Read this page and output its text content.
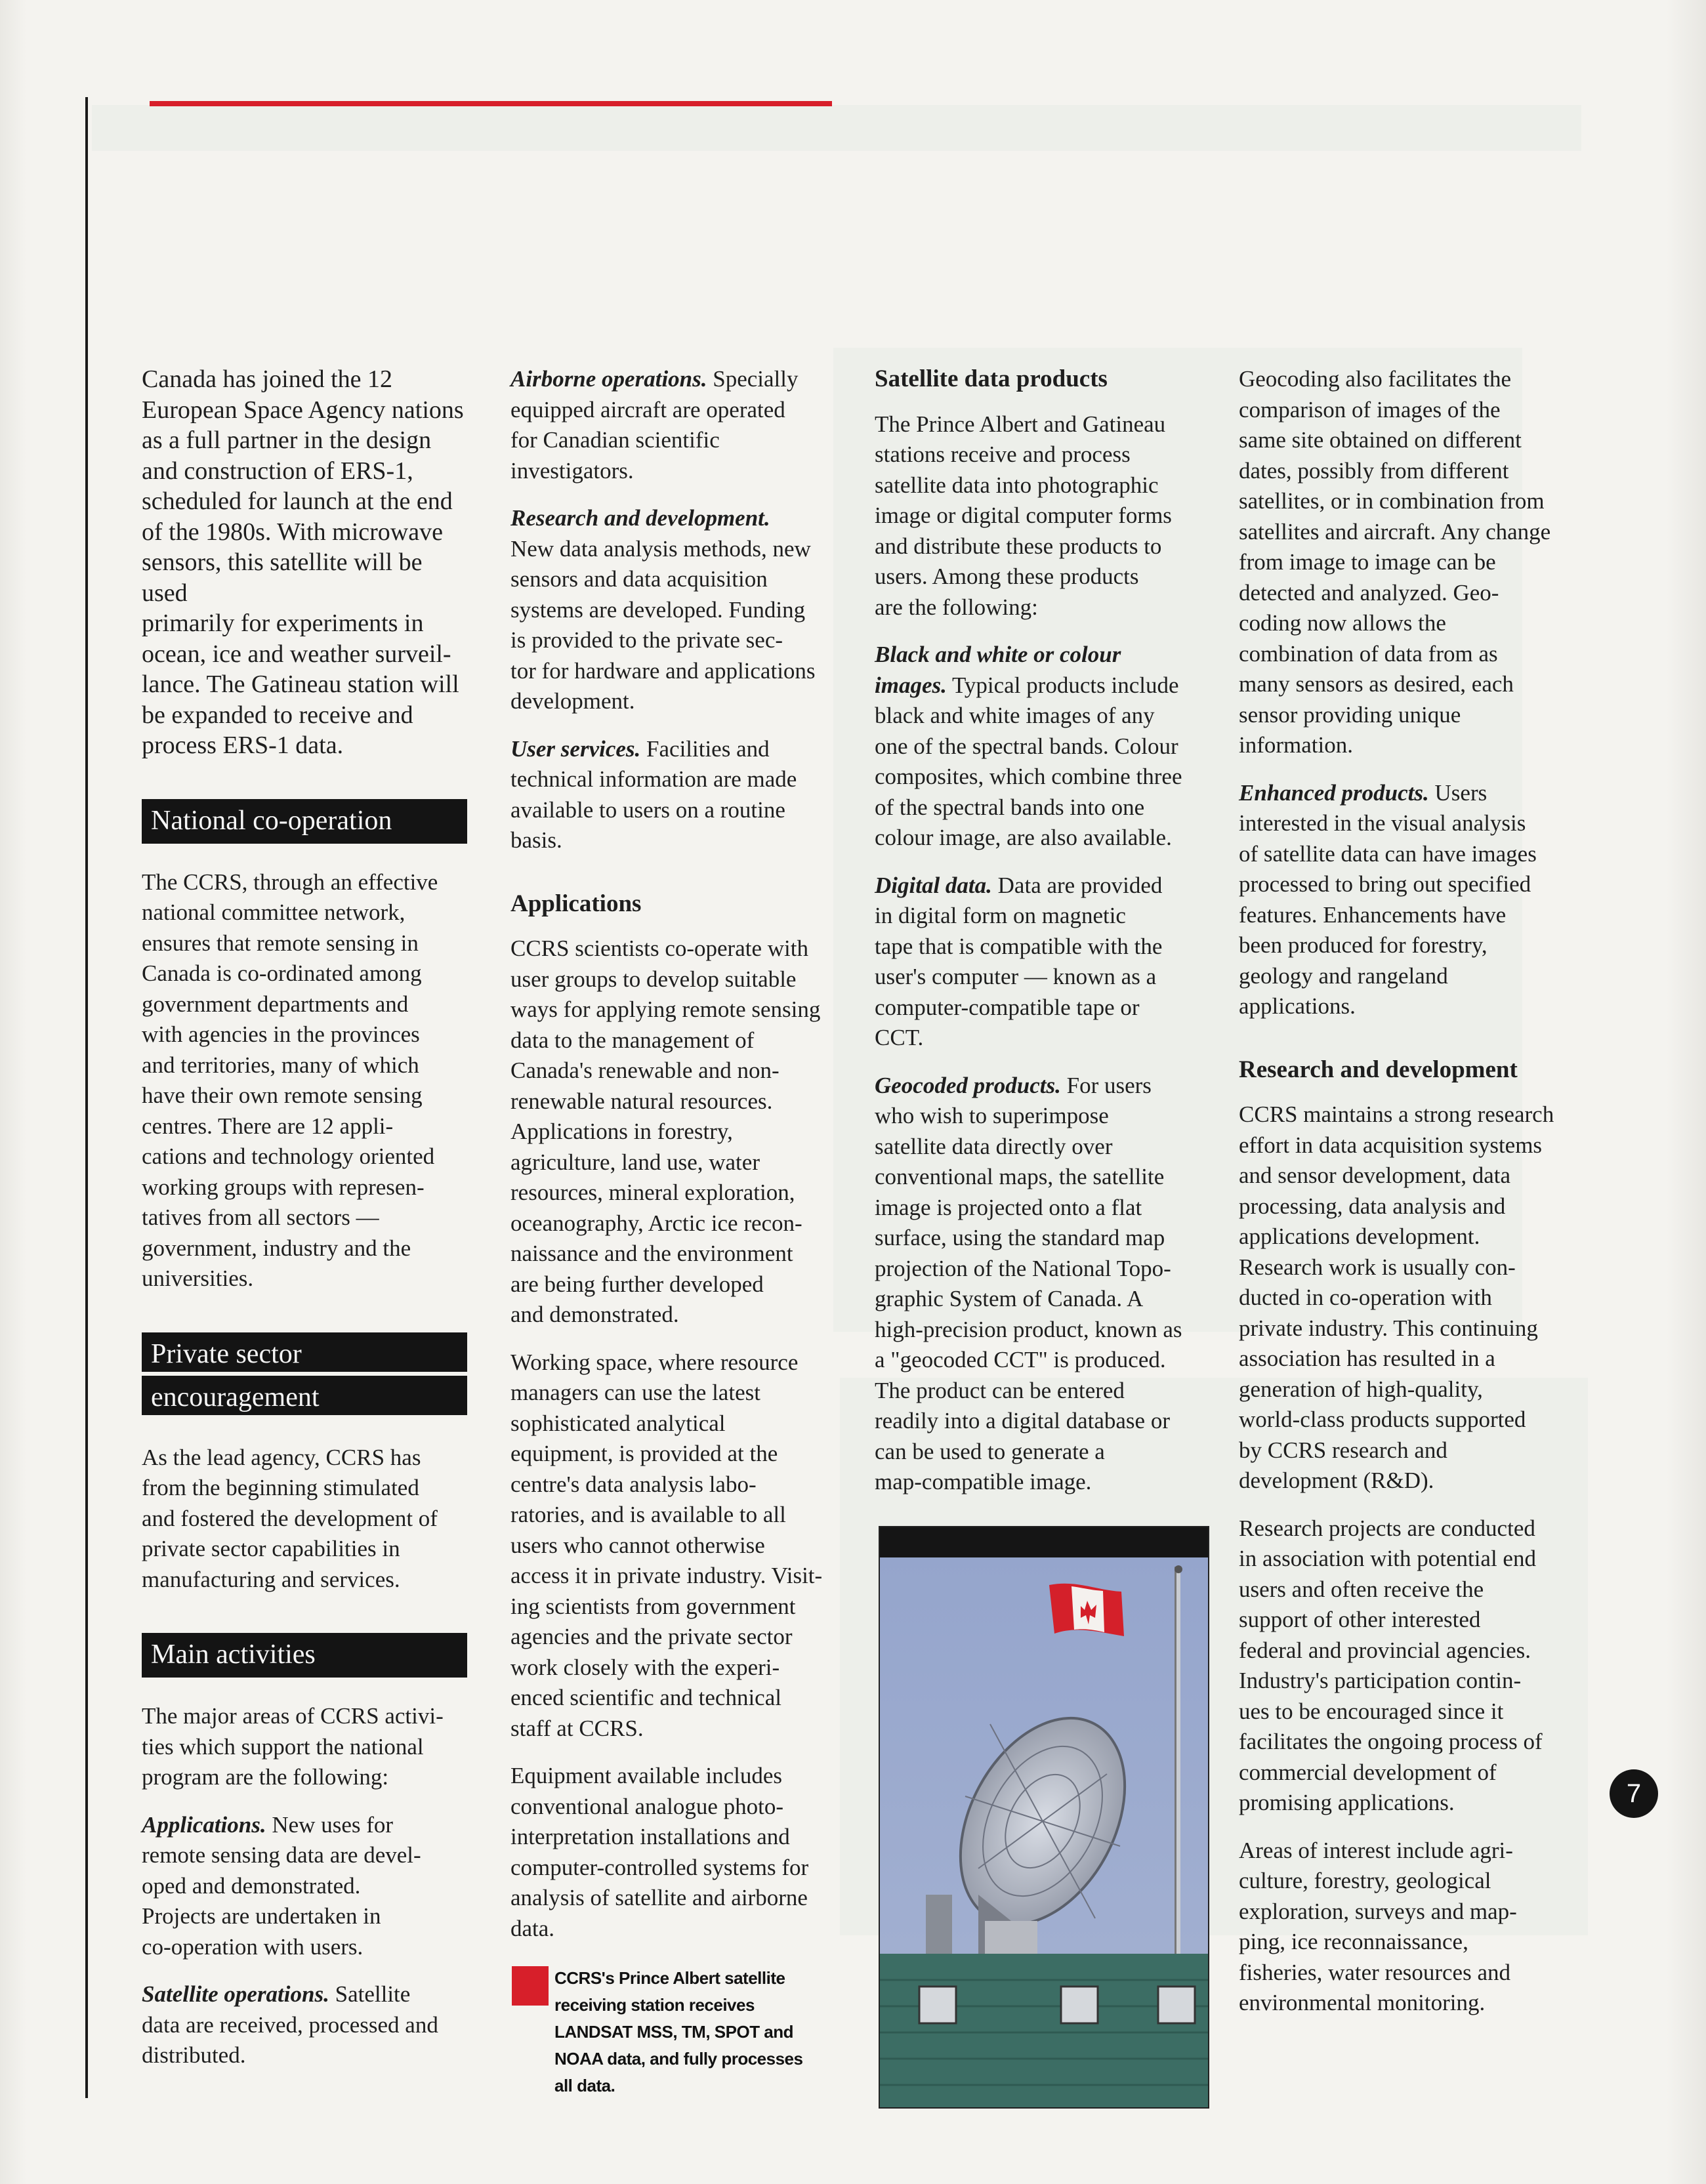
Canada has joined the 12
European Space Agency nations
as a full partner in the design
and construction of ERS-1,
scheduled for launch at the end
of the 1980s. With microwave
sensors, this satellite will be used
primarily for experiments in
ocean, ice and weather surveil-
lance. The Gatineau station will
be expanded to receive and
process ERS-1 data.

National co-operation

The CCRS, through an effective
national committee network,
ensures that remote sensing in
Canada is co-ordinated among
government departments and
with agencies in the provinces
and territories, many of which
have their own remote sensing
centres. There are 12 appli-
cations and technology oriented
working groups with represen-
tatives from all sectors —
government, industry and the
universities.

Private sector
encouragement

As the lead agency, CCRS has
from the beginning stimulated
and fostered the development of
private sector capabilities in
manufacturing and services.

Main activities

The major areas of CCRS activi-
ties which support the national
program are the following:

Applications. New uses for
remote sensing data are devel-
oped and demonstrated.
Projects are undertaken in
co-operation with users.

Satellite operations. Satellite
data are received, processed and
distributed.

Airborne operations. Specially
equipped aircraft are operated
for Canadian scientific
investigators.

Research and development.
New data analysis methods, new
sensors and data acquisition
systems are developed. Funding
is provided to the private sec-
tor for hardware and applications
development.

User services. Facilities and
technical information are made
available to users on a routine
basis.

Applications

CCRS scientists co-operate with
user groups to develop suitable
ways for applying remote sensing
data to the management of
Canada's renewable and non-
renewable natural resources.
Applications in forestry,
agriculture, land use, water
resources, mineral exploration,
oceanography, Arctic ice recon-
naissance and the environment
are being further developed
and demonstrated.

Working space, where resource
managers can use the latest
sophisticated analytical
equipment, is provided at the
centre's data analysis labo-
ratories, and is available to all
users who cannot otherwise
access it in private industry. Visit-
ing scientists from government
agencies and the private sector
work closely with the experi-
enced scientific and technical
staff at CCRS.

Equipment available includes
conventional analogue photo-
interpretation installations and
computer-controlled systems for
analysis of satellite and airborne
data.

CCRS's Prince Albert satellite
receiving station receives
LANDSAT MSS, TM, SPOT and
NOAA data, and fully processes
all data.
Satellite data products

The Prince Albert and Gatineau
stations receive and process
satellite data into photographic
image or digital computer forms
and distribute these products to
users. Among these products
are the following:

Black and white or colour
images. Typical products include
black and white images of any
one of the spectral bands. Colour
composites, which combine three
of the spectral bands into one
colour image, are also available.

Digital data. Data are provided
in digital form on magnetic
tape that is compatible with the
user's computer — known as a
computer-compatible tape or
CCT.

Geocoded products. For users
who wish to superimpose
satellite data directly over
conventional maps, the satellite
image is projected onto a flat
surface, using the standard map
projection of the National Topo-
graphic System of Canada. A
high-precision product, known as
a "geocoded CCT" is produced.
The product can be entered
readily into a digital database or
can be used to generate a
map-compatible image.

Geocoding also facilitates the
comparison of images of the
same site obtained on different
dates, possibly from different
satellites, or in combination from
satellites and aircraft. Any change
from image to image can be
detected and analyzed. Geo-
coding now allows the
combination of data from as
many sensors as desired, each
sensor providing unique
information.

Enhanced products. Users
interested in the visual analysis
of satellite data can have images
processed to bring out specified
features. Enhancements have
been produced for forestry,
geology and rangeland
applications.

Research and development

CCRS maintains a strong research
effort in data acquisition systems
and sensor development, data
processing, data analysis and
applications development.
Research work is usually con-
ducted in co-operation with
private industry. This continuing
association has resulted in a
generation of high-quality,
world-class products supported
by CCRS research and
development (R&D).

Research projects are conducted
in association with potential end
users and often receive the
support of other interested
federal and provincial agencies.
Industry's participation contin-
ues to be encouraged since it
facilitates the ongoing process of
commercial development of
promising applications.

Areas of interest include agri-
culture, forestry, geological
exploration, surveys and map-
ping, ice reconnaissance,
fisheries, water resources and
environmental monitoring.

7
